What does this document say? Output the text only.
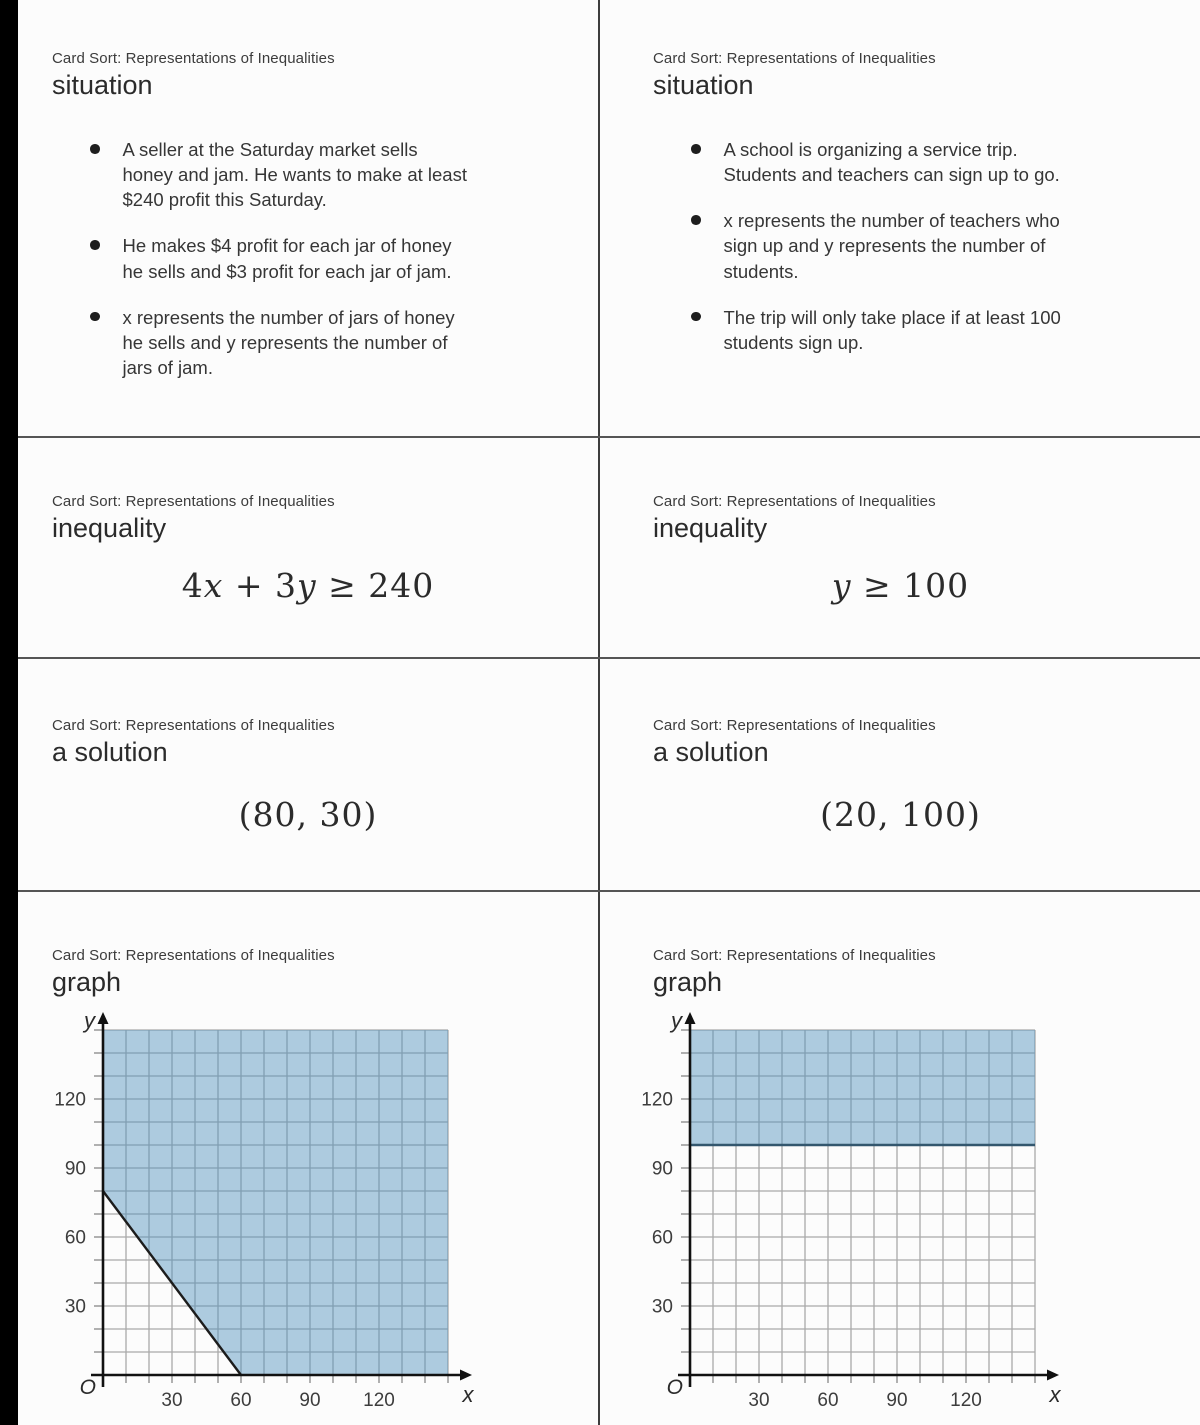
Card Sort: Representations of Inequalities
situation
A seller at the Saturday market sells honey and jam. He wants to make at least $240 profit this Saturday.
He makes $4 profit for each jar of honey he sells and $3 profit for each jar of jam.
x represents the number of jars of honey he sells and y represents the number of jars of jam.
Card Sort: Representations of Inequalities
situation
A school is organizing a service trip. Students and teachers can sign up to go.
x represents the number of teachers who sign up and y represents the number of students.
The trip will only take place if at least 100 students sign up.
Card Sort: Representations of Inequalities
inequality
4x + 3y ≥ 240
Card Sort: Representations of Inequalities
inequality
y ≥ 100
Card Sort: Representations of Inequalities
a solution
(80, 30)
Card Sort: Representations of Inequalities
a solution
(20, 100)
Card Sort: Representations of Inequalities
graph
30	60	90 120
30
60
90
120
x
y
O
Card Sort: Representations of Inequalities
graph
30	60	90 120
30
60
90
120
x
y
O
